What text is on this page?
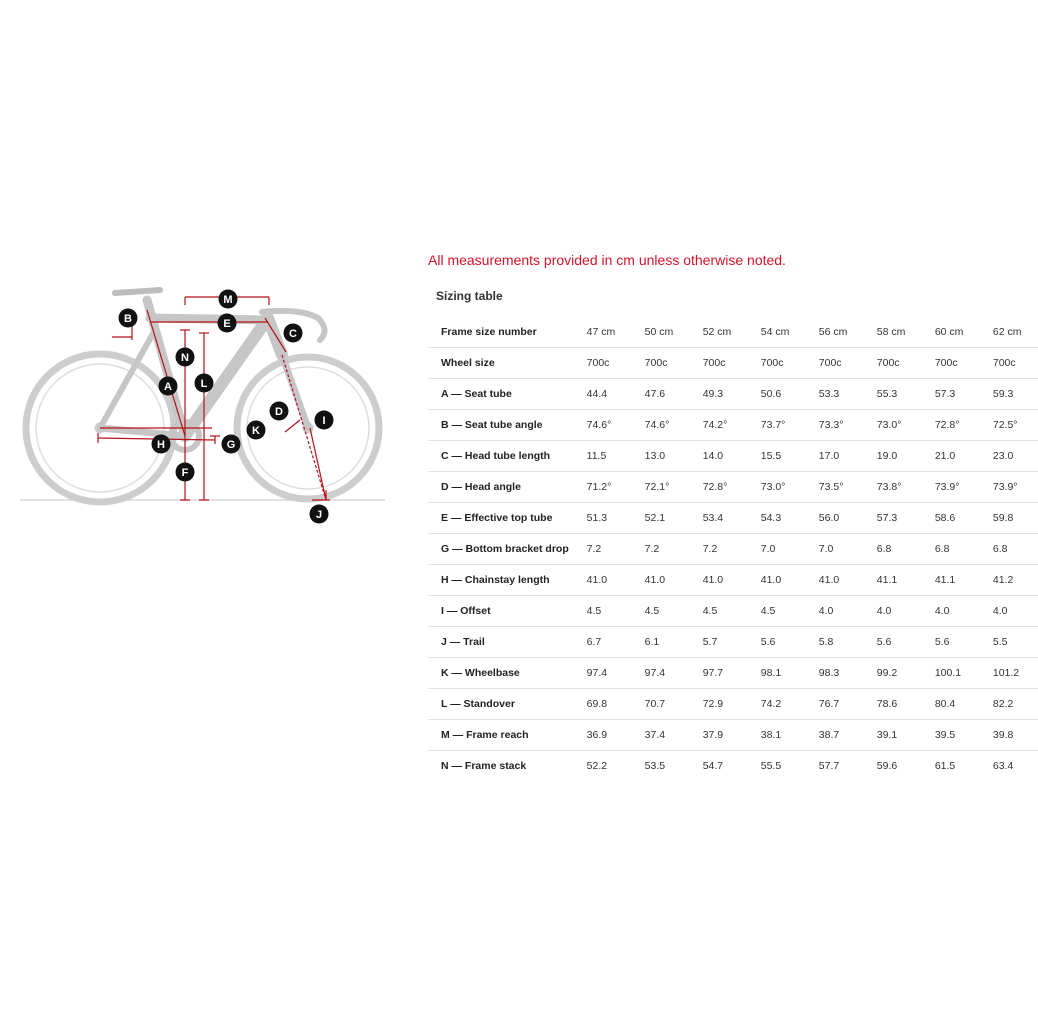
A
B
C
D
E
F
G
H
I
J
K
L
M
N
All measurements provided in cm unless otherwise noted.
Sizing table
Frame size number	47 cm	50 cm	52 cm	54 cm	56 cm	58 cm	60 cm	62 cm
Wheel size	700c	700c	700c	700c	700c	700c	700c	700c
A — Seat tube	44.4	47.6	49.3	50.6	53.3	55.3	57.3	59.3
B — Seat tube angle	74.6°	74.6°	74.2°	73.7°	73.3°	73.0°	72.8°	72.5°
C — Head tube length	11.5	13.0	14.0	15.5	17.0	19.0	21.0	23.0
D — Head angle	71.2°	72.1°	72.8°	73.0°	73.5°	73.8°	73.9°	73.9°
E — Effective top tube	51.3	52.1	53.4	54.3	56.0	57.3	58.6	59.8
G — Bottom bracket drop	7.2	7.2	7.2	7.0	7.0	6.8	6.8	6.8
H — Chainstay length	41.0	41.0	41.0	41.0	41.0	41.1	41.1	41.2
I — Offset	4.5	4.5	4.5	4.5	4.0	4.0	4.0	4.0
J — Trail	6.7	6.1	5.7	5.6	5.8	5.6	5.6	5.5
K — Wheelbase	97.4	97.4	97.7	98.1	98.3	99.2	100.1	101.2
L — Standover	69.8	70.7	72.9	74.2	76.7	78.6	80.4	82.2
M — Frame reach	36.9	37.4	37.9	38.1	38.7	39.1	39.5	39.8
N — Frame stack	52.2	53.5	54.7	55.5	57.7	59.6	61.5	63.4
